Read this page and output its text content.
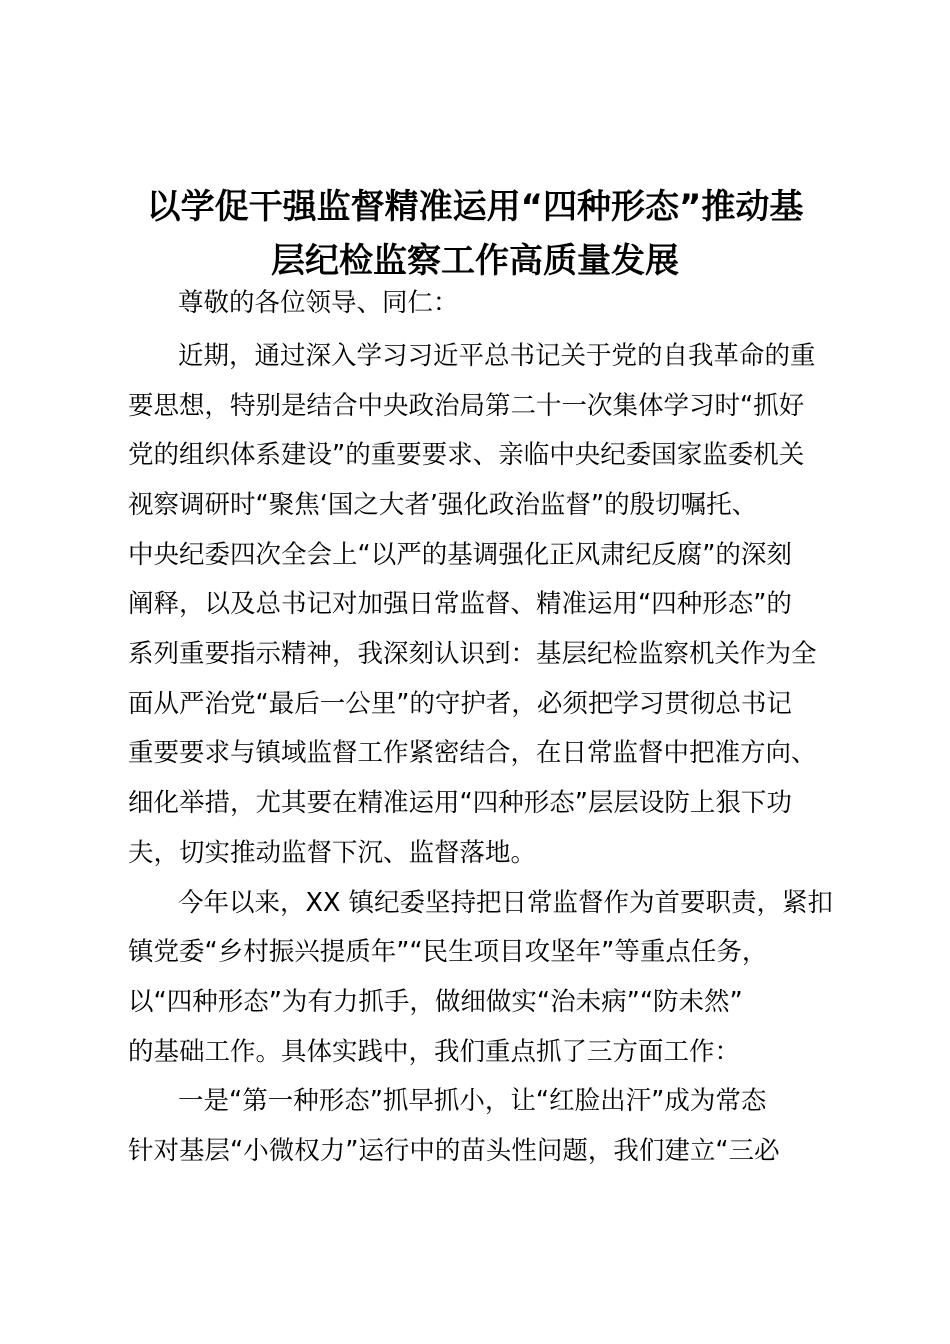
以学促干强监督精准运用“四种形态”推动基
层纪检监察工作高质量发展
尊敬的各位领导、同仁：
近期，通过深入学习习近平总书记关于党的自我革命的重
要思想，特别是结合中央政治局第二十一次集体学习时“抓好
党的组织体系建设”的重要要求、亲临中央纪委国家监委机关
视察调研时“聚焦‘国之大者’强化政治监督”的殷切嘱托、
中央纪委四次全会上“以严的基调强化正风肃纪反腐”的深刻
阐释，以及总书记对加强日常监督、精准运用“四种形态”的
系列重要指示精神，我深刻认识到：基层纪检监察机关作为全
面从严治党“最后一公里”的守护者，必须把学习贯彻总书记
重要要求与镇域监督工作紧密结合，在日常监督中把准方向、
细化举措，尤其要在精准运用“四种形态”层层设防上狠下功
夫，切实推动监督下沉、监督落地。
今年以来，XX 镇纪委坚持把日常监督作为首要职责，紧扣
镇党委“乡村振兴提质年”“民生项目攻坚年”等重点任务，
以“四种形态”为有力抓手，做细做实“治未病”“防未然”
的基础工作。具体实践中，我们重点抓了三方面工作：
一是“第一种形态”抓早抓小，让“红脸出汗”成为常态
针对基层“小微权力”运行中的苗头性问题，我们建立“三必
